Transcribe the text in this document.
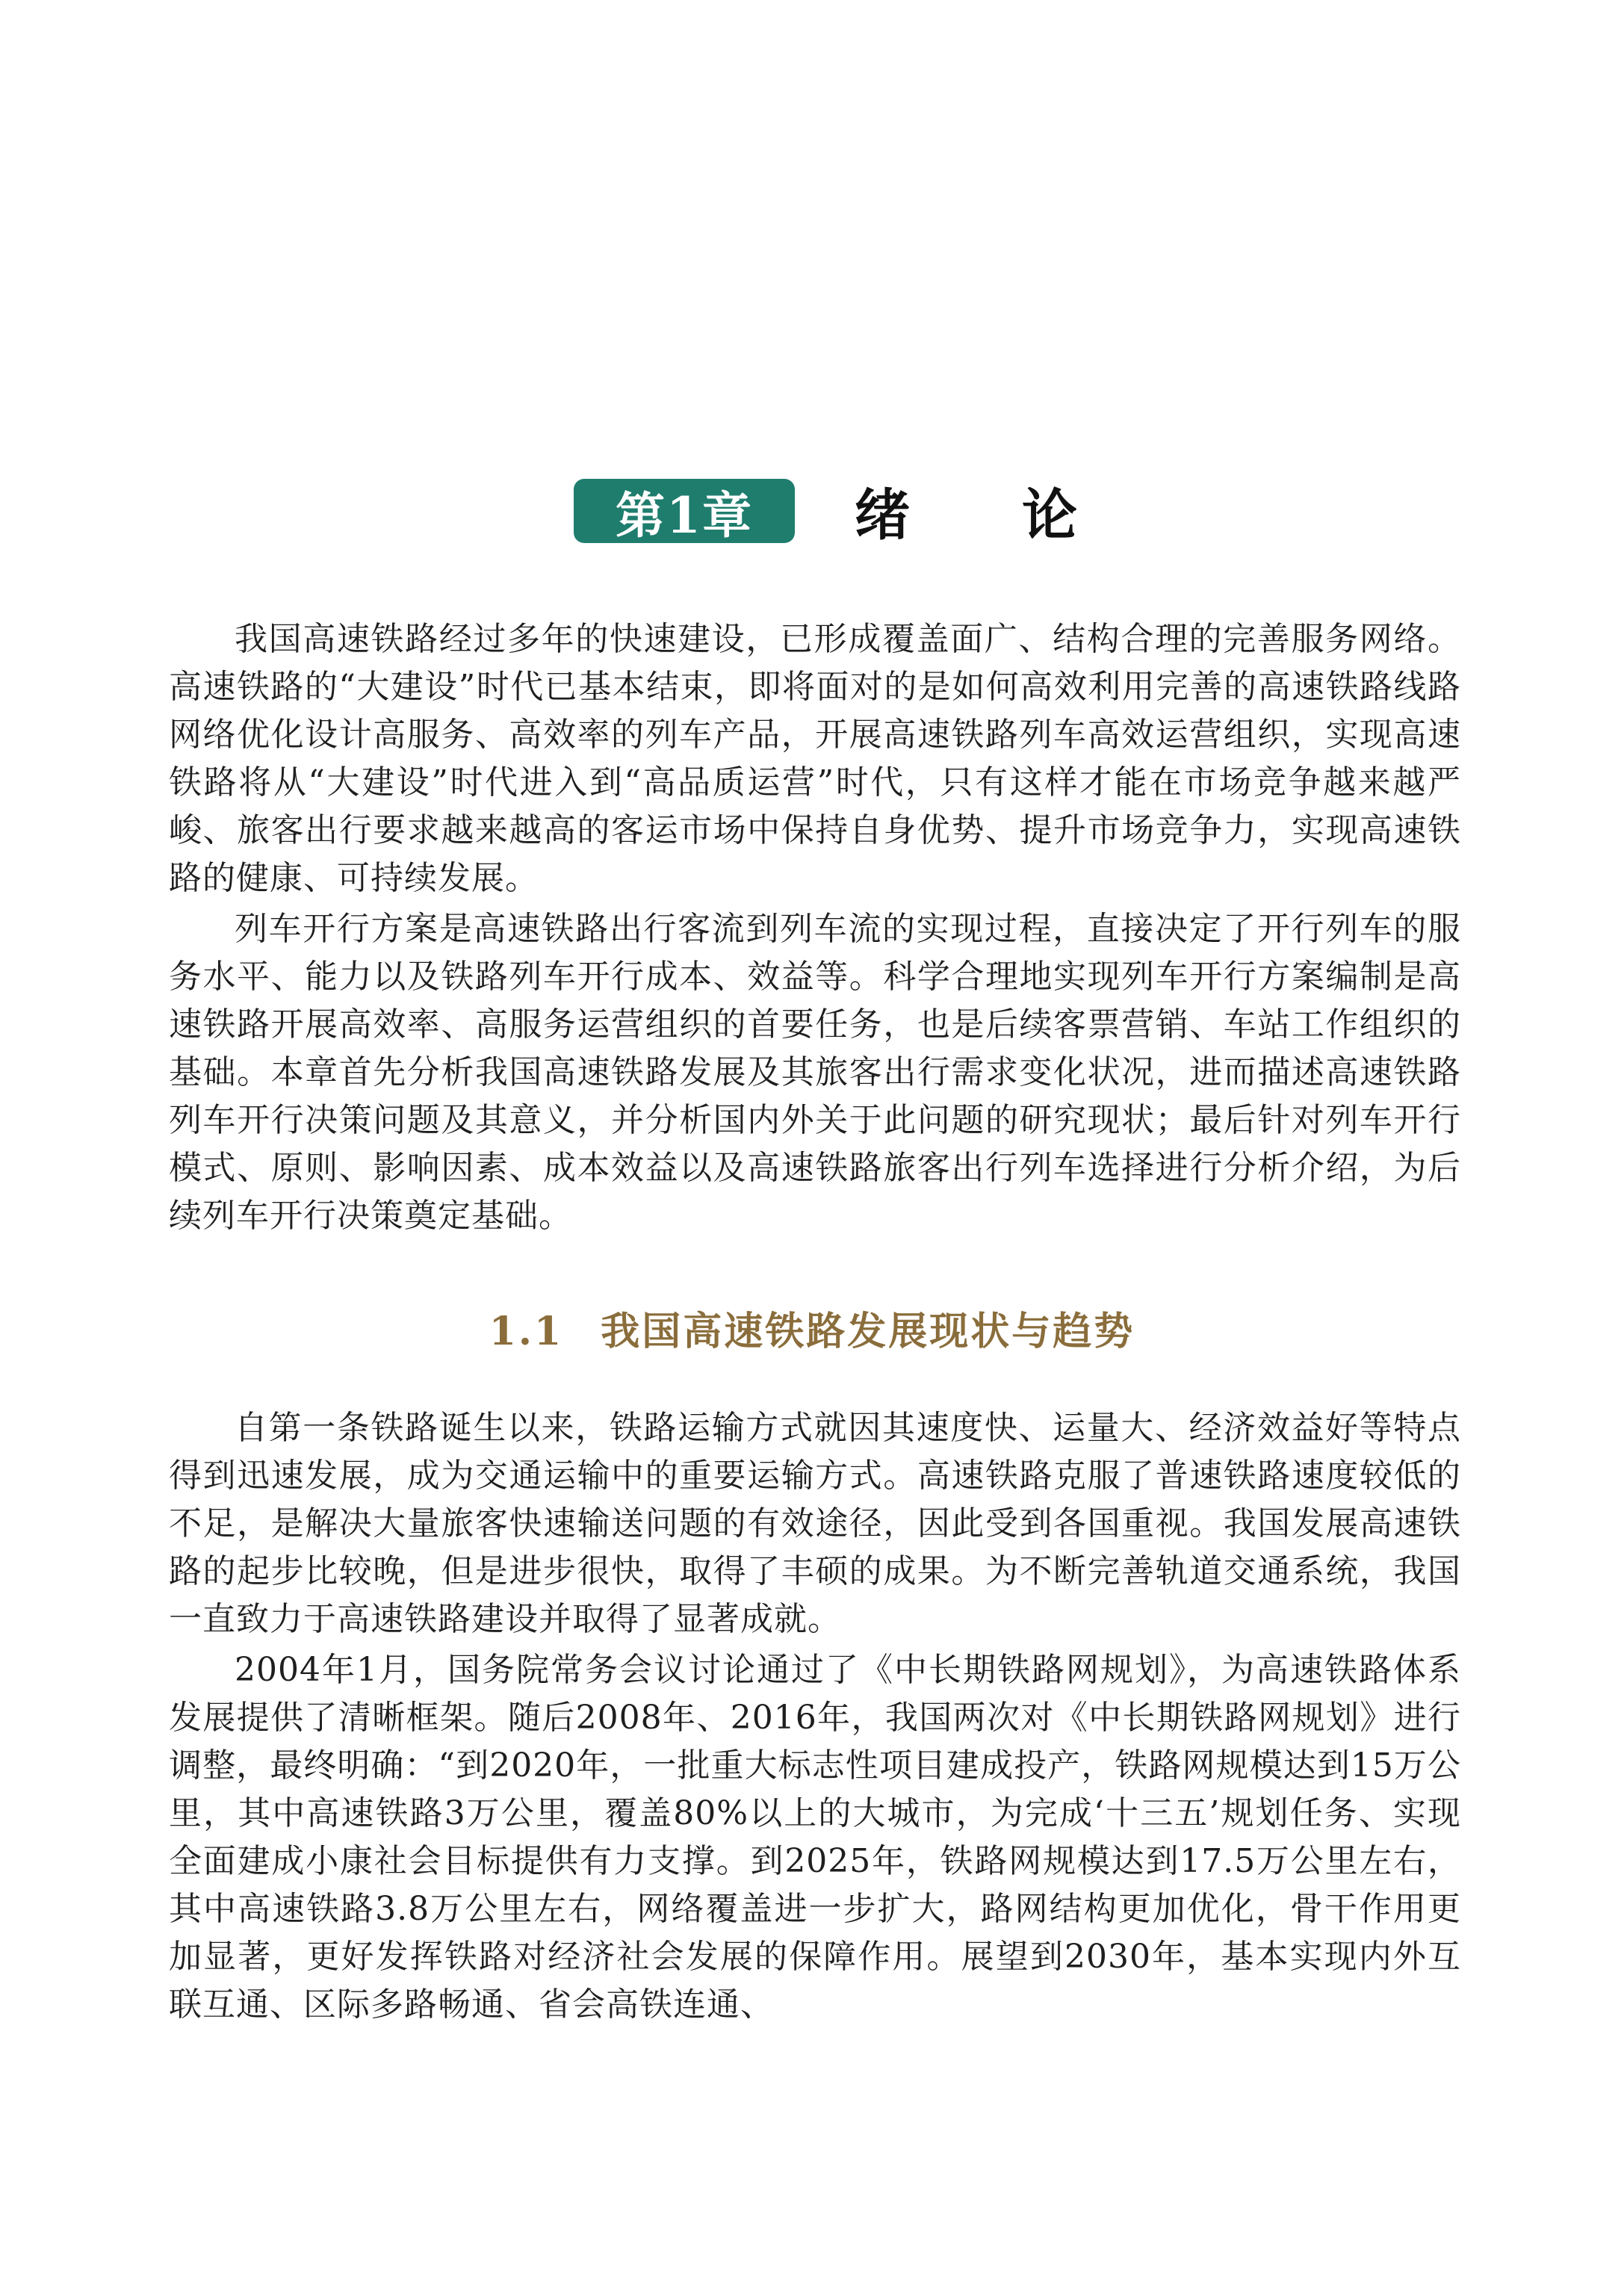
第1章	绪论

我国高速铁路经过多年的快速建设，已形成覆盖面广、结构合理的完善服务网络。高速铁路的“大建设”时代已基本结束，即将面对的是如何高效利用完善的高速铁路线路网络优化设计高服务、高效率的列车产品，开展高速铁路列车高效运营组织，实现高速铁路将从“大建设”时代进入到“高品质运营”时代，只有这样才能在市场竞争越来越严峻、旅客出行要求越来越高的客运市场中保持自身优势、提升市场竞争力，实现高速铁路的健康、可持续发展。

列车开行方案是高速铁路出行客流到列车流的实现过程，直接决定了开行列车的服务水平、能力以及铁路列车开行成本、效益等。科学合理地实现列车开行方案编制是高速铁路开展高效率、高服务运营组织的首要任务，也是后续客票营销、车站工作组织的基础。本章首先分析我国高速铁路发展及其旅客出行需求变化状况，进而描述高速铁路列车开行决策问题及其意义，并分析国内外关于此问题的研究现状；最后针对列车开行模式、原则、影响因素、成本效益以及高速铁路旅客出行列车选择进行分析介绍，为后续列车开行决策奠定基础。

1.1 我国高速铁路发展现状与趋势

自第一条铁路诞生以来，铁路运输方式就因其速度快、运量大、经济效益好等特点得到迅速发展，成为交通运输中的重要运输方式。高速铁路克服了普速铁路速度较低的不足，是解决大量旅客快速输送问题的有效途径，因此受到各国重视。我国发展高速铁路的起步比较晚，但是进步很快，取得了丰硕的成果。为不断完善轨道交通系统，我国一直致力于高速铁路建设并取得了显著成就。

2004年1月，国务院常务会议讨论通过了《中长期铁路网规划》，为高速铁路体系发展提供了清晰框架。随后2008年、2016年，我国两次对《中长期铁路网规划》进行调整，最终明确：“到2020年，一批重大标志性项目建成投产，铁路网规模达到15万公里，其中高速铁路3万公里，覆盖80%以上的大城市，为完成‘十三五’规划任务、实现全面建成小康社会目标提供有力支撑。到2025年，铁路网规模达到17.5万公里左右，其中高速铁路3.8万公里左右，网络覆盖进一步扩大，路网结构更加优化，骨干作用更加显著，更好发挥铁路对经济社会发展的保障作用。展望到2030年，基本实现内外互联互通、区际多路畅通、省会高铁连通、
